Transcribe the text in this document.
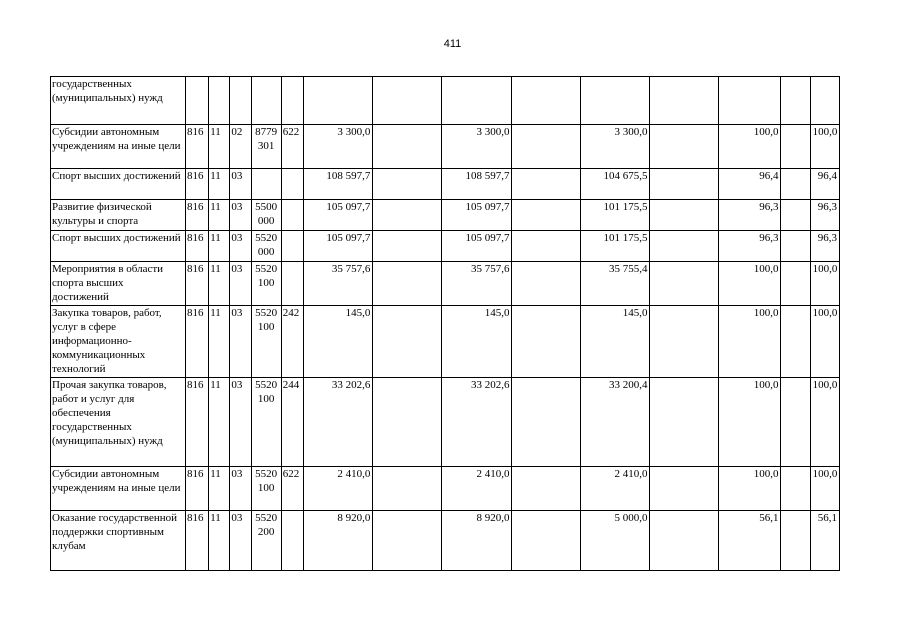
411
государственных (муниципальных) нужд														
Субсидии автономным учреждениям на иные цели	816	11	02	8779 301	622	3 300,0		3 300,0		3 300,0		100,0		100,0
Спорт высших достижений	816	11	03			108 597,7		108 597,7		104 675,5		96,4		96,4
Развитие физической культуры и спорта	816	11	03	5500 000		105 097,7		105 097,7		101 175,5		96,3		96,3
Спорт высших достижений	816	11	03	5520 000		105 097,7		105 097,7		101 175,5		96,3		96,3
Мероприятия в области спорта высших достижений	816	11	03	5520 100		35 757,6		35 757,6		35 755,4		100,0		100,0
Закупка товаров, работ, услуг в сфере информационно-коммуникационных технологий	816	11	03	5520 100	242	145,0		145,0		145,0		100,0		100,0
Прочая закупка товаров, работ и услуг для обеспечения государственных (муниципальных) нужд	816	11	03	5520 100	244	33 202,6		33 202,6		33 200,4		100,0		100,0
Субсидии автономным учреждениям на иные цели	816	11	03	5520 100	622	2 410,0		2 410,0		2 410,0		100,0		100,0
Оказание государственной поддержки спортивным клубам	816	11	03	5520 200		8 920,0		8 920,0		5 000,0		56,1		56,1
